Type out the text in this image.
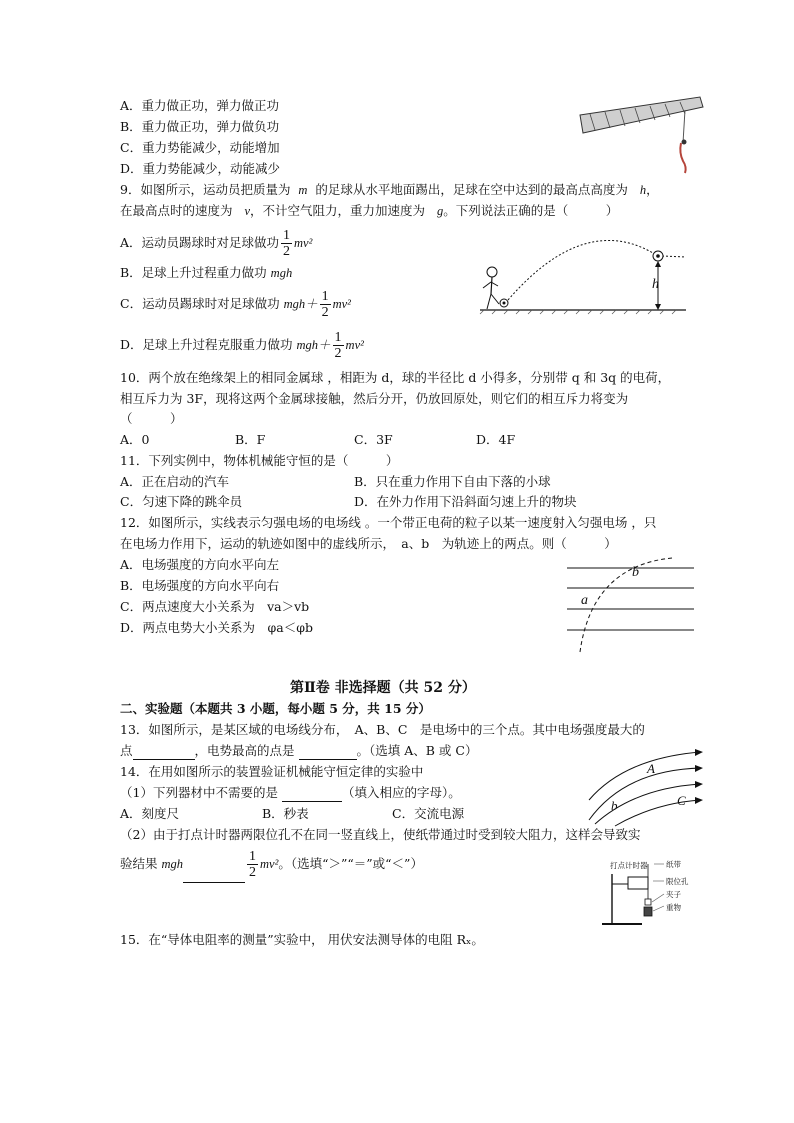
A．重力做正功，弹力做正功
B．重力做正功，弹力做负功
C．重力势能减少，动能增加
D．重力势能减少，动能减少
9．如图所示，运动员把质量为 m 的足球从水平地面踢出，足球在空中达到的最高点高度为 h，
在最高点时的速度为 v，不计空气阻力，重力加速度为 g。下列说法正确的是（　　　）
A．运动员踢球时对足球做功 $\frac{1}{2} mv^2$
B．足球上升过程重力做功 mgh
C．运动员踢球时对足球做功 $mgh+ \frac{1}{2} mv^2$
D．足球上升过程克服重力做功 $mgh+ \frac{1}{2} mv^2$
h
10．两个放在绝缘架上的相同金属球 ，相距为 d，球的半径比 d 小得多，分别带 q 和 3q 的电荷，
相互斥力为 3F，现将这两个金属球接触，然后分开，仍放回原处，则它们的相互斥力将变为
（　　　）
A．0	B．F	C．3F	D．4F
11．下列实例中，物体机械能守恒的是（　　　）
A．正在启动的汽车	B．只在重力作用下自由下落的小球
C．匀速下降的跳伞员	D．在外力作用下沿斜面匀速上升的物块
12．如图所示，实线表示匀强电场的电场线 。一个带正电荷的粒子以某一速度射入匀强电场 ，只
在电场力作用下，运动的轨迹如图中的虚线所示，　a、b　为轨迹上的两点。则（　　　）
A．电场强度的方向水平向左
B．电场强度的方向水平向右
C．两点速度大小关系为　va＞vb
D．两点电势大小关系为　φa＜φb
b
a
第Ⅱ卷 非选择题（共 52 分）
二、实验题（本题共 3 小题，每小题 5 分，共 15 分）
13．如图所示，是某区域的电场线分布，　A、B、C　是电场中的三个点。其中电场强度最大的
点	，电势最高的点是	。（选填 A、B 或 C）
14．在用如图所示的装置验证机械能守恒定律的实验中
（1）下列器材中不需要的是	（填入相应的字母）。
A．刻度尺	B．秒表	C．交流电源
（2）由于打点计时器两限位孔不在同一竖直线上，使纸带通过时受到较大阻力，这样会导致实
验结果 mgh	$\frac{1}{2} mv^2$。（选填“＞”“＝”或“＜”）
A
b	C
打点计时器 纸带
限位孔
夹子
重物
15．在“导体电阻率的测量”实验中， 用伏安法测导体的电阻 Rₓ。
